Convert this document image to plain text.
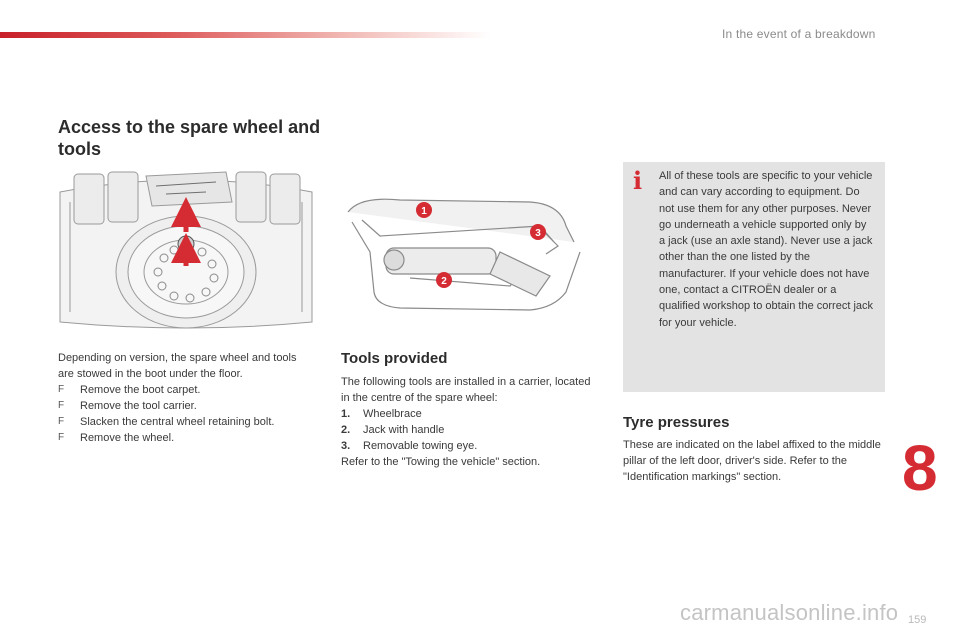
In the event of a breakdown
Access to the spare wheel and tools
1
2
3

Depending on version, the spare wheel and tools are stowed in the boot under the floor.

F	Remove the boot carpet.
F	Remove the tool carrier.
F	Slacken the central wheel retaining bolt.
F	Remove the wheel.
Tools provided

The following tools are installed in a carrier, located in the centre of the spare wheel:

1. Wheelbrace
2. Jack with handle
3. Removable towing eye.

Refer to the "Towing the vehicle" section.

i	All of these tools are specific to your vehicle and can vary according to equipment. Do not use them for any other purposes. Never go underneath a vehicle supported only by a jack (use an axle stand). Never use a jack other than the one listed by the manufacturer. If your vehicle does not have one, contact a CITROËN dealer or a qualified workshop to obtain the correct jack for your vehicle.
Tyre pressures
These are indicated on the label affixed to the middle pillar of the left door, driver's side. Refer to the "Identification markings" section.	8
159
carmanualsonline.info
